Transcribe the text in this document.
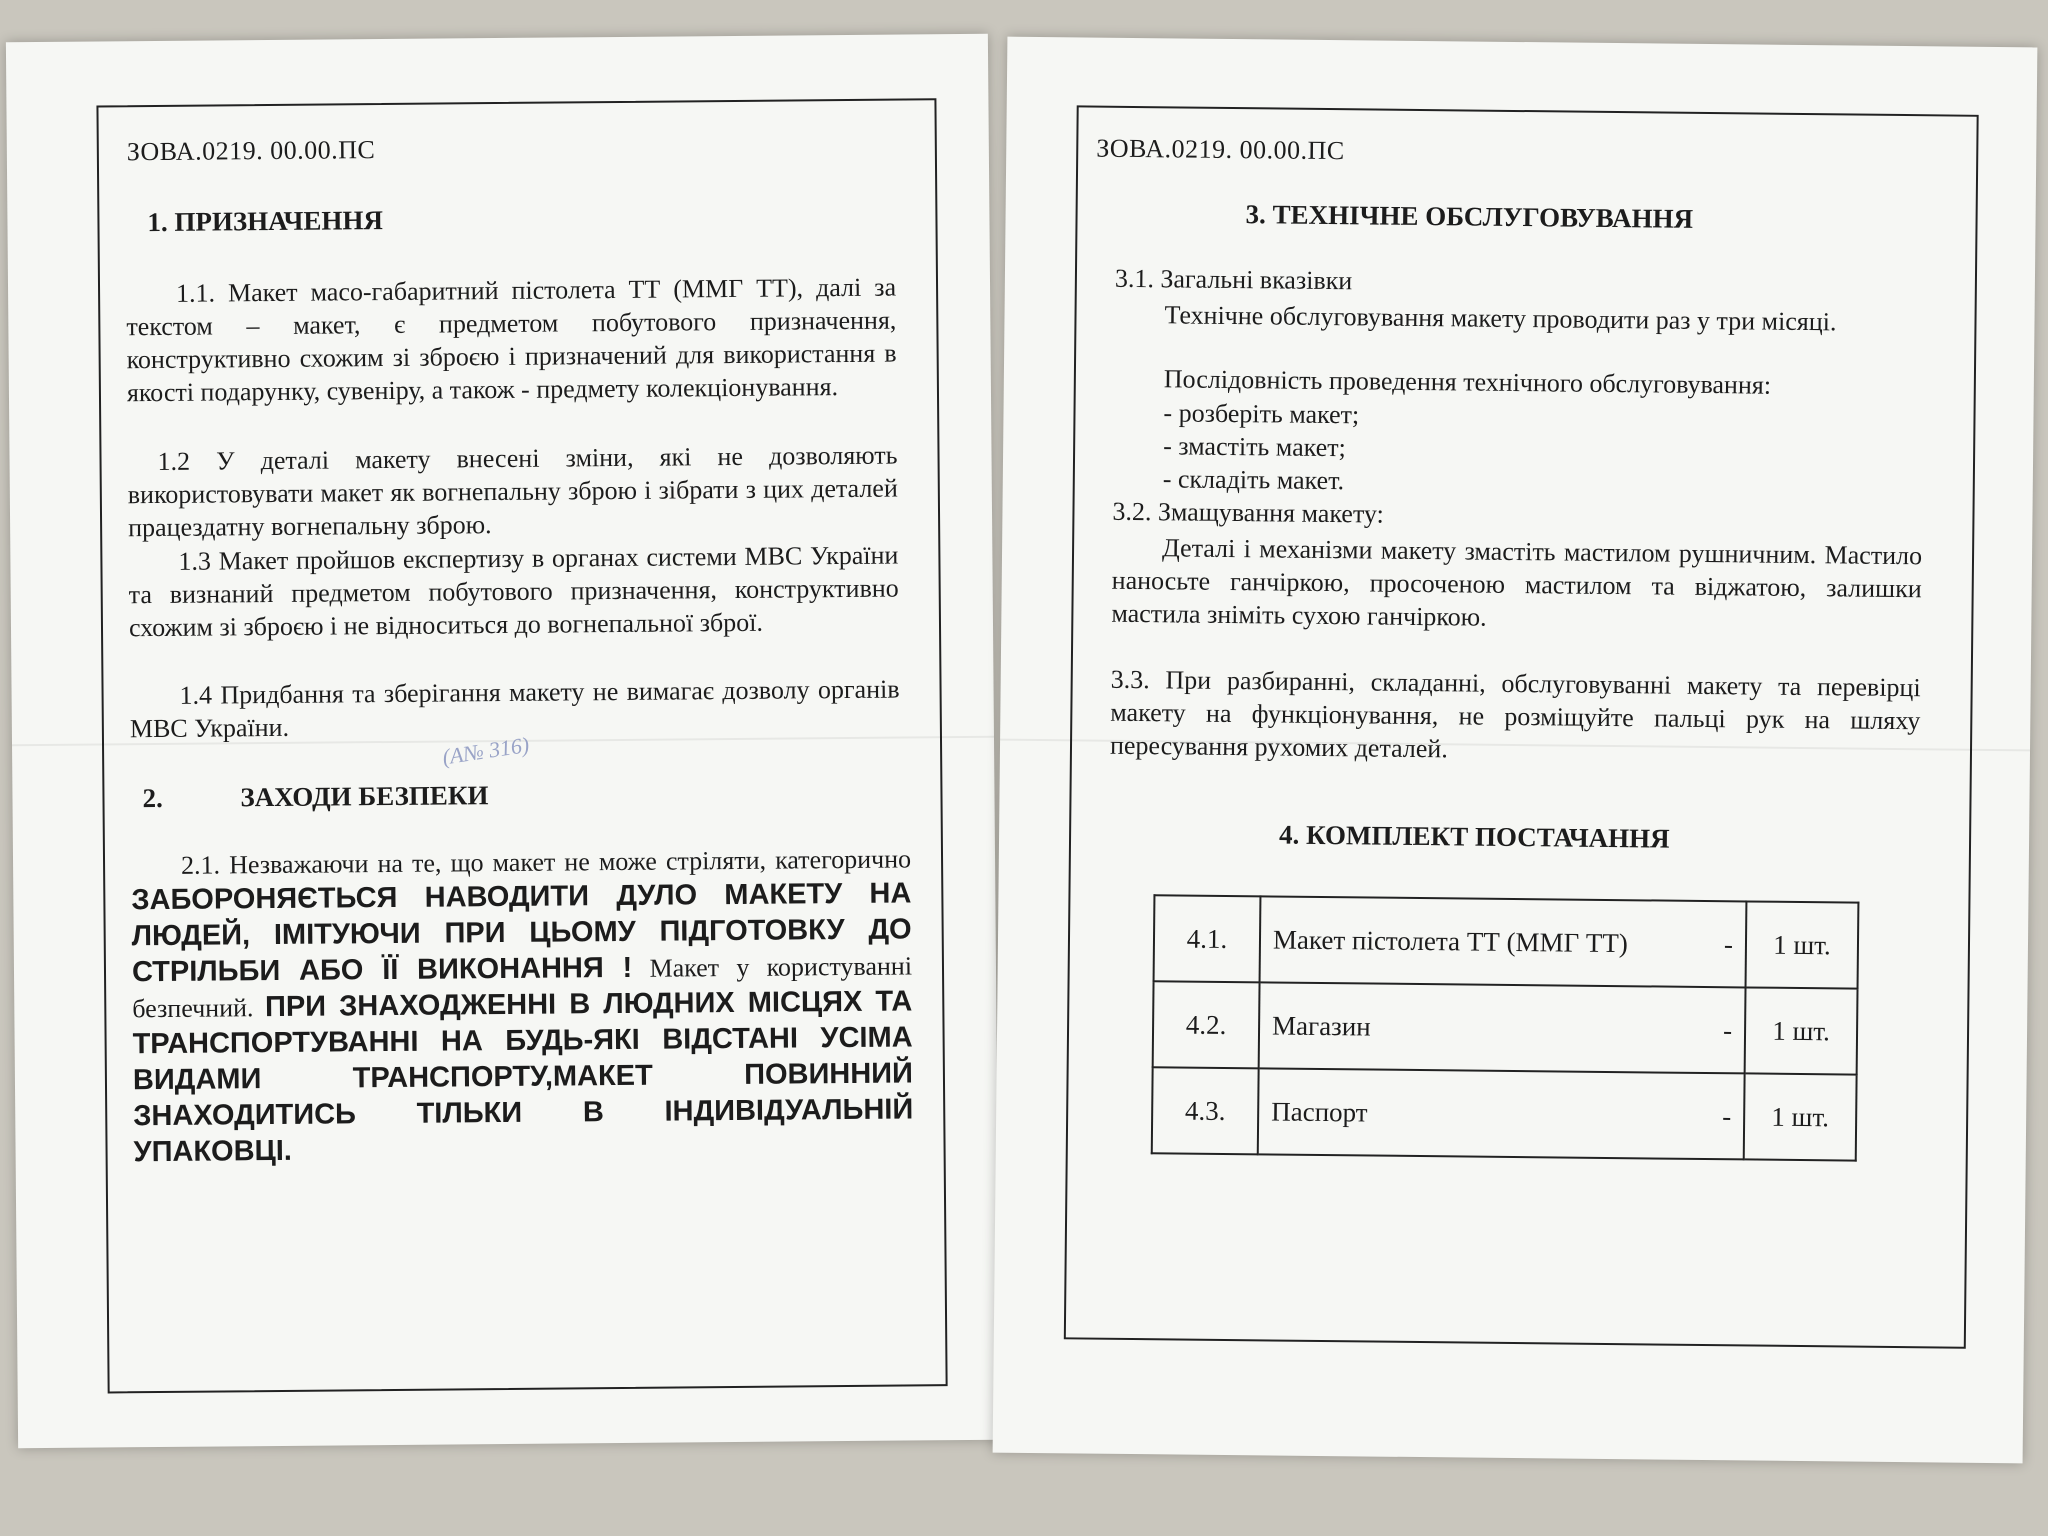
ЗОВА.0219. 00.00.ПС
1. ПРИЗНАЧЕННЯ

1.1. Макет масо-габаритний пістолета ТТ (ММГ ТТ), далі за текстом – макет, є предметом побутового призначення, конструктивно схожим зі зброєю і призначений для використання в якості подарунку, сувеніру, а також - предмету колекціонування.

1.2 У деталі макету внесені зміни, які не дозволяють використовувати макет як вогнепальну зброю і зібрати з цих деталей працездатну вогнепальну зброю.

1.3 Макет пройшов експертизу в органах системи МВС України та визнаний предметом побутового призначення, конструктивно схожим зі зброєю і не відноситься до вогнепальної зброї.

1.4 Придбання та зберігання макету не вимагає дозволу органів МВС України.

2.	ЗАХОДИ БЕЗПЕКИ

2.1. Незважаючи на те, що макет не може стріляти, категорично ЗАБОРОНЯЄТЬСЯ НАВОДИТИ ДУЛО МАКЕТУ НА ЛЮДЕЙ, ІМІТУЮЧИ ПРИ ЦЬОМУ ПІДГОТОВКУ ДО СТРІЛЬБИ АБО ЇЇ ВИКОНАННЯ ! Макет у користуванні безпечний. ПРИ ЗНАХОДЖЕННІ В ЛЮДНИХ МІСЦЯХ ТА ТРАНСПОРТУВАННІ НА БУДЬ-ЯКІ ВІДСТАНІ УСІМА ВИДАМИ ТРАНСПОРТУ,МАКЕТ ПОВИННИЙ ЗНАХОДИТИСЬ ТІЛЬКИ В ІНДИВІДУАЛЬНІЙ УПАКОВЦІ.

(А№ 316)
ЗОВА.0219. 00.00.ПС
3. ТЕХНІЧНЕ ОБСЛУГОВУВАННЯ
3.1. Загальні вказівки

Технічне обслуговування макету проводити раз у три місяці.

Послідовність проведення технічного обслуговування:
- розберіть макет;
- змастіть макет;
- складіть макет.
3.2. Змащування макету:

Деталі і механізми макету змастіть мастилом рушничним. Мастило наносьте ганчіркою, просоченою мастилом та віджатою, залишки мастила зніміть сухою ганчіркою.

3.3. При разбиранні, складанні, обслуговуванні макету та перевірці макету на функціонування, не розміщуйте пальці рук на шляху пересування рухомих деталей.

4. КОМПЛЕКТ ПОСТАЧАННЯ
4.1.	Макет пістолета ТТ (ММГ ТТ) -	1 шт.
4.2.	Магазин -	1 шт.
4.3.	Паспорт -	1 шт.
